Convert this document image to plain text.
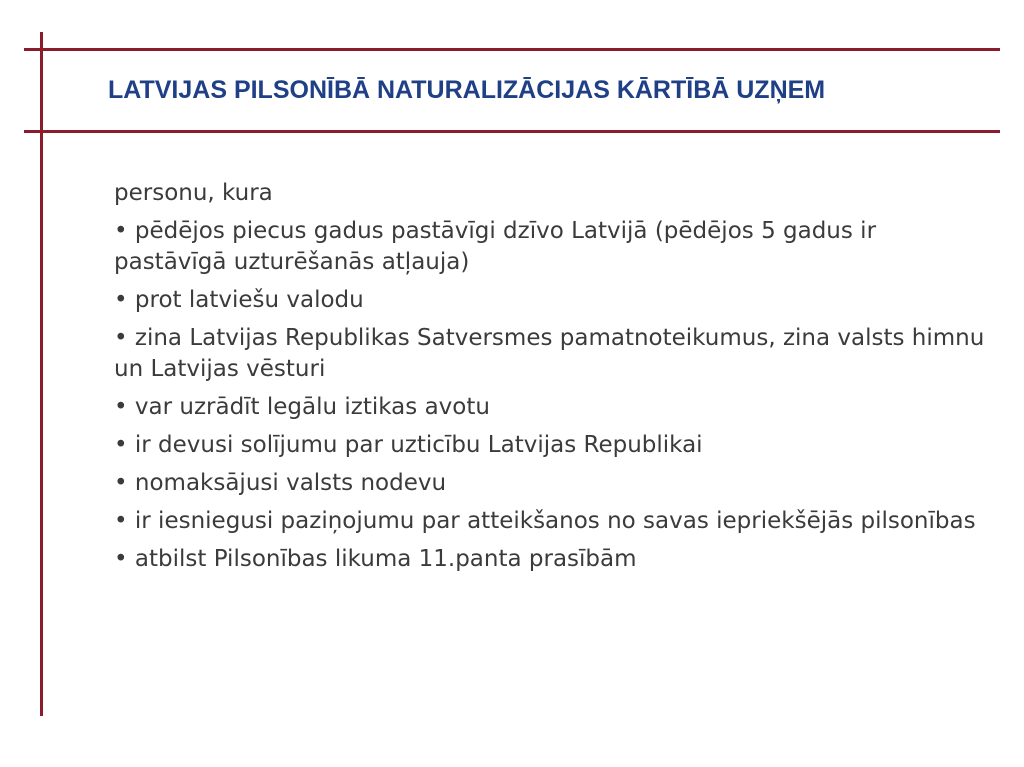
LATVIJAS PILSONĪBĀ NATURALIZĀCIJAS KĀRTĪBĀ UZŅEM

personu, kura

• pēdējos piecus gadus pastāvīgi dzīvo Latvijā (pēdējos 5 gadus ir pastāvīgā uzturēšanās atļauja)
• prot latviešu valodu
• zina Latvijas Republikas Satversmes pamatnoteikumus, zina valsts himnu un Latvijas vēsturi
• var uzrādīt legālu iztikas avotu
• ir devusi solījumu par uzticību Latvijas Republikai
• nomaksājusi valsts nodevu
• ir iesniegusi paziņojumu par atteikšanos no savas iepriekšējās pilsonības
• atbilst Pilsonības likuma 11.panta prasībām
